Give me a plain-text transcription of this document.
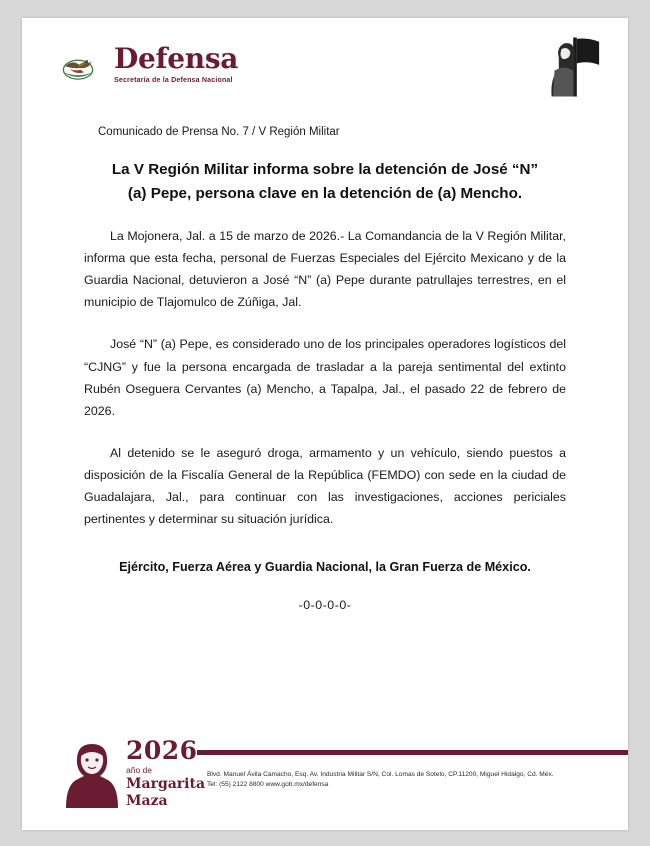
Defensa
Secretaría de la Defensa Nacional
Comunicado de Prensa No. 7 / V Región Militar
La V Región Militar informa sobre la detención de José “N”
(a) Pepe, persona clave en la detención de (a) Mencho.

La Mojonera, Jal. a 15 de marzo de 2026.- La Comandancia de la V Región Militar, informa que esta fecha, personal de Fuerzas Especiales del Ejército Mexicano y de la Guardia Nacional, detuvieron a José “N” (a) Pepe durante patrullajes terrestres, en el municipio de Tlajomulco de Zúñiga, Jal.

José “N” (a) Pepe, es considerado uno de los principales operadores logísticos del “CJNG” y fue la persona encargada de trasladar a la pareja sentimental del extinto Rubén Oseguera Cervantes (a) Mencho, a Tapalpa, Jal., el pasado 22 de febrero de 2026.

Al detenido se le aseguró droga, armamento y un vehículo, siendo puestos a disposición de la Fiscalía General de la República (FEMDO) con sede en la ciudad de Guadalajara, Jal., para continuar con las investigaciones, acciones periciales pertinentes y determinar su situación jurídica.

Ejército, Fuerza Aérea y Guardia Nacional, la Gran Fuerza de México.

-0-0-0-0-

2026
año de
Margarita
Maza
Blvd. Manuel Ávila Camacho, Esq. Av. Industria Militar S/N, Col. Lomas de Sotelo, CP.11200, Miguel Hidalgo, Cd. Méx.
Tel: (55) 2122 8800 www.gob.mx/defensa
